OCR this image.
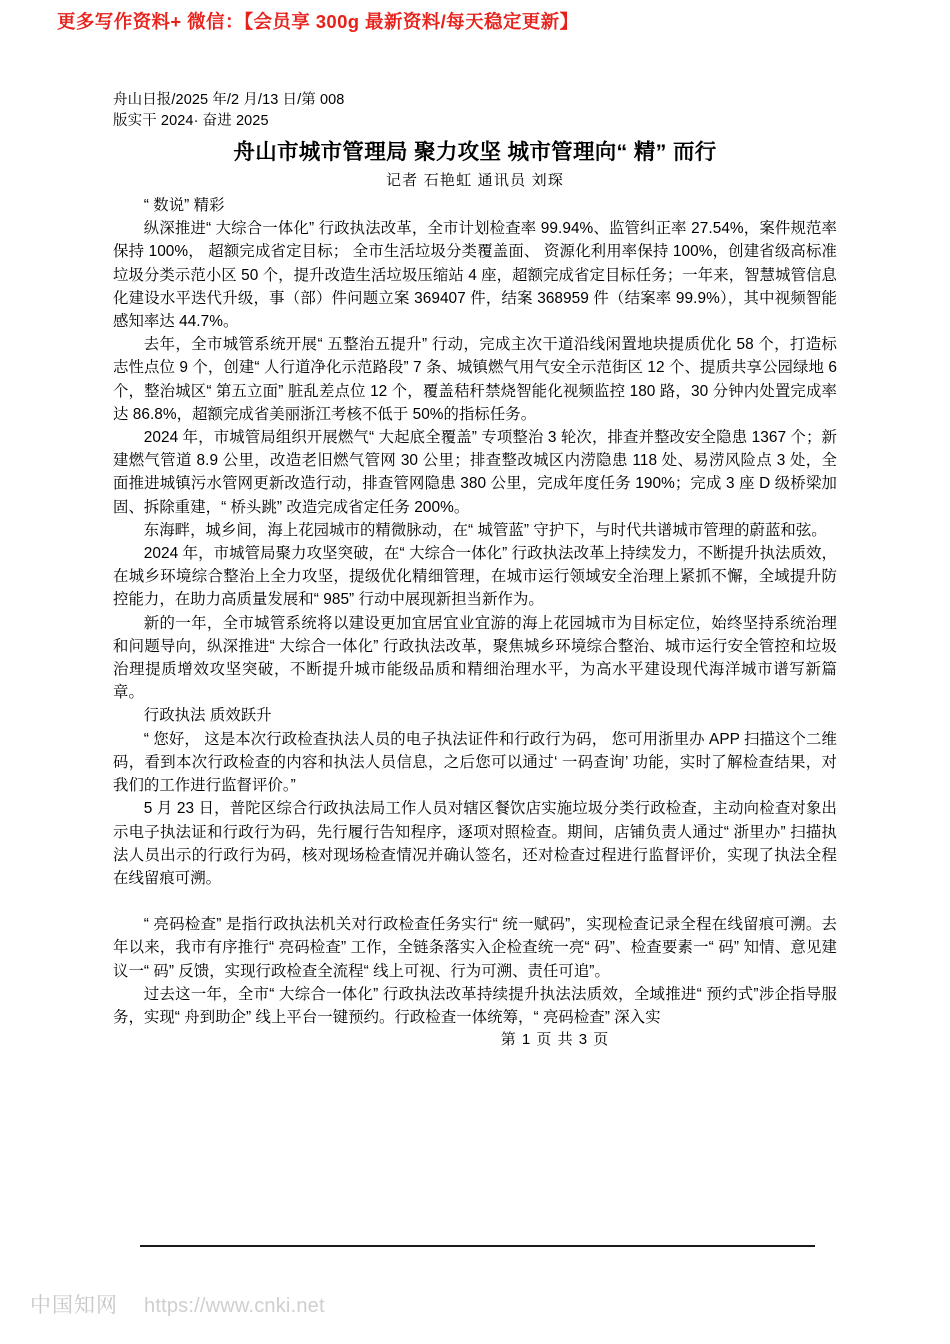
更多写作资料+ 微信：【会员享 300g 最新资料/每天稳定更新】
舟山日报/2025 年/2 月/13 日/第 008
版实干 2024· 奋进 2025
舟山市城市管理局 聚力攻坚 城市管理向“ 精” 而行
记者 石艳虹 通讯员 刘琛

“ 数说” 精彩

纵深推进“ 大综合一体化” 行政执法改革，全市计划检查率 99.94%、监管纠正率 27.54%，案件规范率保持 100%， 超额完成省定目标； 全市生活垃圾分类覆盖面、 资源化利用率保持 100%，创建省级高标准垃圾分类示范小区 50 个，提升改造生活垃圾压缩站 4 座，超额完成省定目标任务；一年来，智慧城管信息化建设水平迭代升级，事（部）件问题立案 369407 件，结案 368959 件（结案率 99.9%），其中视频智能感知率达 44.7%。

去年，全市城管系统开展“ 五整治五提升” 行动，完成主次干道沿线闲置地块提质优化 58 个，打造标志性点位 9 个，创建“ 人行道净化示范路段” 7 条、城镇燃气用气安全示范街区 12 个、提质共享公园绿地 6 个，整治城区“ 第五立面” 脏乱差点位 12 个，覆盖秸秆禁烧智能化视频监控 180 路，30 分钟内处置完成率达 86.8%，超额完成省美丽浙江考核不低于 50%的指标任务。

2024 年，市城管局组织开展燃气“ 大起底全覆盖” 专项整治 3 轮次，排查并整改安全隐患 1367 个；新建燃气管道 8.9 公里，改造老旧燃气管网 30 公里；排查整改城区内涝隐患 118 处、易涝风险点 3 处，全面推进城镇污水管网更新改造行动，排查管网隐患 380 公里，完成年度任务 190%；完成 3 座 D 级桥梁加固、拆除重建，“ 桥头跳” 改造完成省定任务 200%。

东海畔，城乡间，海上花园城市的精微脉动，在“ 城管蓝” 守护下，与时代共谱城市管理的蔚蓝和弦。

2024 年，市城管局聚力攻坚突破，在“ 大综合一体化” 行政执法改革上持续发力，不断提升执法质效，在城乡环境综合整治上全力攻坚，提级优化精细管理，在城市运行领域安全治理上紧抓不懈，全域提升防控能力，在助力高质量发展和“ 985” 行动中展现新担当新作为。

新的一年，全市城管系统将以建设更加宜居宜业宜游的海上花园城市为目标定位，始终坚持系统治理和问题导向，纵深推进“ 大综合一体化” 行政执法改革，聚焦城乡环境综合整治、城市运行安全管控和垃圾治理提质增效攻坚突破，不断提升城市能级品质和精细治理水平，为高水平建设现代海洋城市谱写新篇章。

行政执法 质效跃升

“ 您好， 这是本次行政检查执法人员的电子执法证件和行政行为码， 您可用浙里办 APP 扫描这个二维码，看到本次行政检查的内容和执法人员信息，之后您可以通过‘ 一码查询’ 功能，实时了解检查结果，对我们的工作进行监督评价。”

5 月 23 日，普陀区综合行政执法局工作人员对辖区餐饮店实施垃圾分类行政检查，主动向检查对象出示电子执法证和行政行为码，先行履行告知程序，逐项对照检查。期间，店铺负责人通过“ 浙里办” 扫描执法人员出示的行政行为码，核对现场检查情况并确认签名，还对检查过程进行监督评价，实现了执法全程在线留痕可溯。

“ 亮码检查” 是指行政执法机关对行政检查任务实行“ 统一赋码”，实现检查记录全程在线留痕可溯。去年以来，我市有序推行“ 亮码检查” 工作，全链条落实入企检查统一亮“ 码”、检查要素一“ 码” 知情、意见建议一“ 码” 反馈，实现行政检查全流程“ 线上可视、行为可溯、责任可追”。

过去这一年，全市“ 大综合一体化” 行政执法改革持续提升执法法质效，全域推进“ 预约式”涉企指导服务，实现“ 舟到助企” 线上平台一键预约。行政检查一体统筹，“ 亮码检查” 深入实

第 1 页 共 3 页
中国知网 https://www.cnki.net
